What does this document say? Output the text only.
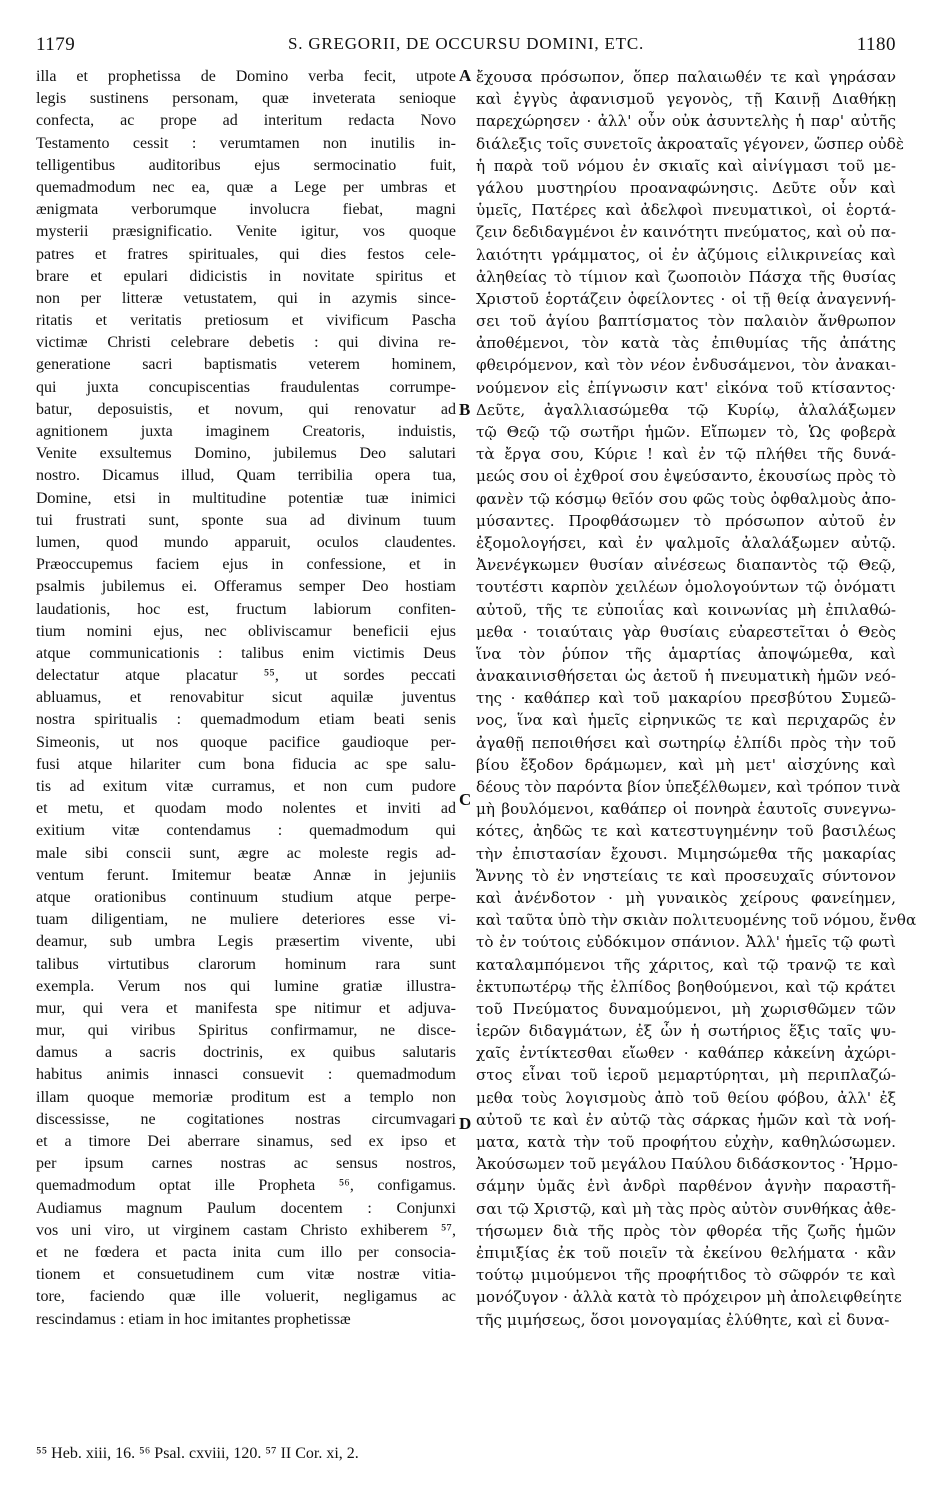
1179	S. GREGORII, DE OCCURSU DOMINI, ETC.	1180
illa et prophetissa de Domino verba fecit, utpote
legis sustinens personam, quæ inveterata senioque
confecta, ac prope ad interitum redacta Novo
Testamento cessit : verumtamen non inutilis in-
telligentibus auditoribus ejus sermocinatio fuit,
quemadmodum nec ea, quæ a Lege per umbras et
ænigmata verborumque involucra fiebat, magni
mysterii præsignificatio. Venite igitur, vos quoque
patres et fratres spirituales, qui dies festos cele-
brare et epulari didicistis in novitate spiritus et
non per litteræ vetustatem, qui in azymis since-
ritatis et veritatis pretiosum et vivificum Pascha
victimæ Christi celebrare debetis : qui divina re-
generatione sacri baptismatis veterem hominem,
qui juxta concupiscentias fraudulentas corrumpe-
batur, deposuistis, et novum, qui renovatur ad
agnitionem juxta imaginem Creatoris, induistis,
Venite exsultemus Domino, jubilemus Deo salutari
nostro. Dicamus illud, Quam terribilia opera tua,
Domine, etsi in multitudine potentiæ tuæ inimici
tui frustrati sunt, sponte sua ad divinum tuum
lumen, quod mundo apparuit, oculos claudentes.
Præoccupemus faciem ejus in confessione, et in
psalmis jubilemus ei. Offeramus semper Deo hostiam
laudationis, hoc est, fructum labiorum confiten-
tium nomini ejus, nec obliviscamur beneficii ejus
atque communicationis : talibus enim victimis Deus
delectatur atque placatur ⁵⁵, ut sordes peccati
abluamus, et renovabitur sicut aquilæ juventus
nostra spiritualis : quemadmodum etiam beati senis
Simeonis, ut nos quoque pacifice gaudioque per-
fusi atque hilariter cum bona fiducia ac spe salu-
tis ad exitum vitæ curramus, et non cum pudore
et metu, et quodam modo nolentes et inviti ad
exitium vitæ contendamus : quemadmodum qui
male sibi conscii sunt, ægre ac moleste regis ad-
ventum ferunt. Imitemur beatæ Annæ in jejuniis
atque orationibus continuum studium atque perpe-
tuam diligentiam, ne muliere deteriores esse vi-
deamur, sub umbra Legis præsertim vivente, ubi
talibus virtutibus clarorum hominum rara sunt
exempla. Verum nos qui lumine gratiæ illustra-
mur, qui vera et manifesta spe nitimur et adjuva-
mur, qui viribus Spiritus confirmamur, ne disce-
damus a sacris doctrinis, ex quibus salutaris
habitus animis innasci consuevit : quemadmodum
illam quoque memoriæ proditum est a templo non
discessisse, ne cogitationes nostras circumvagari
et a timore Dei aberrare sinamus, sed ex ipso et
per ipsum carnes nostras ac sensus nostros,
quemadmodum optat ille Propheta ⁵⁶, configamus.
Audiamus magnum Paulum docentem : Conjunxi
vos uni viro, ut virginem castam Christo exhiberem ⁵⁷,
et ne fœdera et pacta inita cum illo per consocia-
tionem et consuetudinem cum vitæ nostræ vitia-
tore, faciendo quæ ille voluerit, negligamus ac
rescindamus : etiam in hoc imitantes prophetissæ
ἔχουσα πρόσωπον, ὅπερ παλαιωθέν τε καὶ γηράσαν
καὶ ἐγγὺς ἀφανισμοῦ γεγονὸς, τῇ Καινῇ Διαθήκῃ
παρεχώρησεν · ἀλλ' οὖν οὐκ ἀσυντελὴς ἡ παρ' αὐτῆς
διάλεξις τοῖς συνετοῖς ἀκροαταῖς γέγονεν, ὥσπερ οὐδὲ
ἡ παρὰ τοῦ νόμου ἐν σκιαῖς καὶ αἰνίγμασι τοῦ με-
γάλου μυστηρίου προαναφώνησις. Δεῦτε οὖν καὶ
ὑμεῖς, Πατέρες καὶ ἀδελφοὶ πνευματικοὶ, οἱ ἑορτά-
ζειν δεδιδαγμένοι ἐν καινότητι πνεύματος, καὶ οὐ πα-
λαιότητι γράμματος, οἱ ἐν ἀζύμοις εἰλικρινείας καὶ
ἀληθείας τὸ τίμιον καὶ ζωοποιὸν Πάσχα τῆς θυσίας
Χριστοῦ ἑορτάζειν ὀφείλοντες · οἱ τῇ θείᾳ ἀναγεννή-
σει τοῦ ἁγίου βαπτίσματος τὸν παλαιὸν ἄνθρωπον
ἀποθέμενοι, τὸν κατὰ τὰς ἐπιθυμίας τῆς ἀπάτης
φθειρόμενον, καὶ τὸν νέον ἐνδυσάμενοι, τὸν ἀνακαι-
νούμενον εἰς ἐπίγνωσιν κατ' εἰκόνα τοῦ κτίσαντος·
Δεῦτε, ἀγαλλιασώμεθα τῷ Κυρίῳ, ἀλαλάξωμεν
τῷ Θεῷ τῷ σωτῆρι ἡμῶν. Εἴπωμεν τὸ, Ὡς φοβερὰ
τὰ ἔργα σου, Κύριε ! καὶ ἐν τῷ πλήθει τῆς δυνά-
μεώς σου οἱ ἐχθροί σου ἐψεύσαντο, ἑκουσίως πρὸς τὸ
φανὲν τῷ κόσμῳ θεῖόν σου φῶς τοὺς ὀφθαλμοὺς ἀπο-
μύσαντες. Προφθάσωμεν τὸ πρόσωπον αὐτοῦ ἐν
ἐξομολογήσει, καὶ ἐν ψαλμοῖς ἀλαλάξωμεν αὐτῷ.
Ἀνενέγκωμεν θυσίαν αἰνέσεως διαπαντὸς τῷ Θεῷ,
τουτέστι καρπὸν χειλέων ὁμολογούντων τῷ ὀνόματι
αὐτοῦ, τῆς τε εὐποιΐας καὶ κοινωνίας μὴ ἐπιλαθώ-
μεθα · τοιαύταις γὰρ θυσίαις εὐαρεστεῖται ὁ Θεὸς
ἵνα τὸν ῥύπον τῆς ἁμαρτίας ἀποψώμεθα, καὶ
ἀνακαινισθήσεται ὡς ἀετοῦ ἡ πνευματικὴ ἡμῶν νεό-
της · καθάπερ καὶ τοῦ μακαρίου πρεσβύτου Συμεῶ-
νος, ἵνα καὶ ἡμεῖς εἰρηνικῶς τε καὶ περιχαρῶς ἐν
ἀγαθῇ πεποιθήσει καὶ σωτηρίῳ ἐλπίδι πρὸς τὴν τοῦ
βίου ἔξοδον δράμωμεν, καὶ μὴ μετ' αἰσχύνης καὶ
δέους τὸν παρόντα βίον ὑπεξέλθωμεν, καὶ τρόπον τινὰ
μὴ βουλόμενοι, καθάπερ οἱ πονηρὰ ἑαυτοῖς συνεγνω-
κότες, ἀηδῶς τε καὶ κατεστυγημένην τοῦ βασιλέως
τὴν ἐπιστασίαν ἔχουσι. Μιμησώμεθα τῆς μακαρίας
Ἄννης τὸ ἐν νηστείαις τε καὶ προσευχαῖς σύντονον
καὶ ἀνένδοτον · μὴ γυναικὸς χείρους φανείημεν,
καὶ ταῦτα ὑπὸ τὴν σκιὰν πολιτευομένης τοῦ νόμου, ἔνθα
τὸ ἐν τούτοις εὐδόκιμον σπάνιον. Ἀλλ' ἡμεῖς τῷ φωτὶ
καταλαμπόμενοι τῆς χάριτος, καὶ τῷ τρανῷ τε καὶ
ἐκτυπωτέρῳ τῆς ἐλπίδος βοηθούμενοι, καὶ τῷ κράτει
τοῦ Πνεύματος δυναμούμενοι, μὴ χωρισθῶμεν τῶν
ἱερῶν διδαγμάτων, ἐξ ὧν ἡ σωτήριος ἕξις ταῖς ψυ-
χαῖς ἐντίκτεσθαι εἴωθεν · καθάπερ κἀκείνη ἀχώρι-
στος εἶναι τοῦ ἱεροῦ μεμαρτύρηται, μὴ περιπλαζώ-
μεθα τοὺς λογισμοὺς ἀπὸ τοῦ θείου φόβου, ἀλλ' ἐξ
αὐτοῦ τε καὶ ἐν αὐτῷ τὰς σάρκας ἡμῶν καὶ τὰ νοή-
ματα, κατὰ τὴν τοῦ προφήτου εὐχὴν, καθηλώσωμεν.
Ἀκούσωμεν τοῦ μεγάλου Παύλου διδάσκοντος · Ἡρμο-
σάμην ὑμᾶς ἑνὶ ἀνδρὶ παρθένον ἁγνὴν παραστῆ-
σαι τῷ Χριστῷ, καὶ μὴ τὰς πρὸς αὐτὸν συνθήκας ἀθε-
τήσωμεν διὰ τῆς πρὸς τὸν φθορέα τῆς ζωῆς ἡμῶν
ἐπιμιξίας ἐκ τοῦ ποιεῖν τὰ ἐκείνου θελήματα · κἂν
τούτῳ μιμούμενοι τῆς προφήτιδος τὸ σῶφρόν τε καὶ
μονόζυγον · ἀλλὰ κατὰ τὸ πρόχειρον μὴ ἀπολειφθείητε
τῆς μιμήσεως, ὅσοι μονογαμίας ἐλύθητε, καὶ εἰ δυνα-
A
B
C
D
⁵⁵ Heb. xiii, 16. ⁵⁶ Psal. cxviii, 120. ⁵⁷ II Cor. xi, 2.
